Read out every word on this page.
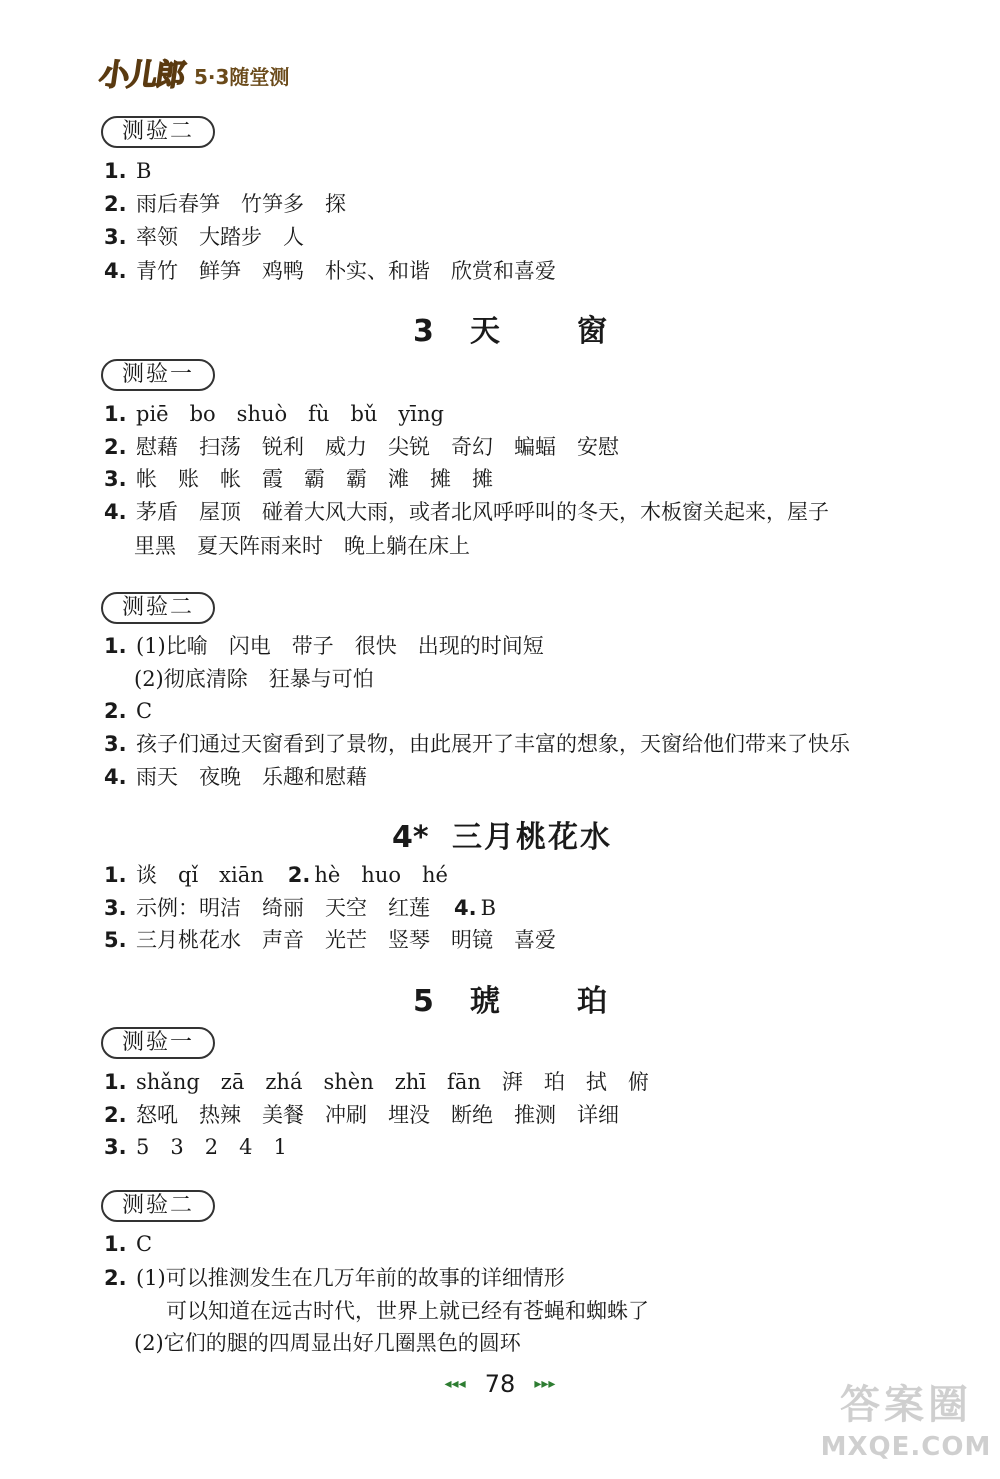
小儿郎 5·3随堂测
测验二
1. B
2. 雨后春笋　竹笋多　探
3. 率领　大踏步　人
4. 青竹　鲜笋　鸡鸭　朴实、和谐　欣赏和喜爱
3 天	窗
测验一
1. piē　bo　shuò　fù　bǔ　yīng
2. 慰藉　扫荡　锐利　威力　尖锐　奇幻　蝙蝠　安慰
3. 帐　账　帐　霞　霸　霸　滩　摊　摊
4. 茅盾　屋顶　碰着大风大雨，或者北风呼呼叫的冬天，木板窗关起来，屋子
里黑　夏天阵雨来时　晚上躺在床上
测验二
1. (1)比喻　闪电　带子　很快　出现的时间短
(2)彻底清除　狂暴与可怕
2. C
3. 孩子们通过天窗看到了景物，由此展开了丰富的想象，天窗给他们带来了快乐
4. 雨天　夜晚　乐趣和慰藉
4* 三月桃花水
1. 谈　qǐ　xiān 2. hè　huo　hé
3. 示例：明洁　绮丽　天空　红莲 4. B
5. 三月桃花水　声音　光芒　竖琴　明镜　喜爱
5 琥	珀
测验一
1. shǎng　zā　zhá　shèn　zhī　fān　湃　珀　拭　俯
2. 怒吼　热辣　美餐　冲刷　埋没　断绝　推测　详细
3. 5　3　2　4　1
测验二
1. C
2. (1)可以推测发生在几万年前的故事的详细情形
可以知道在远古时代，世界上就已经有苍蝇和蜘蛛了
(2)它们的腿的四周显出好几圈黑色的圆环
◂◂◂ 78 ▸▸▸	答案圈
MXQE.COM
